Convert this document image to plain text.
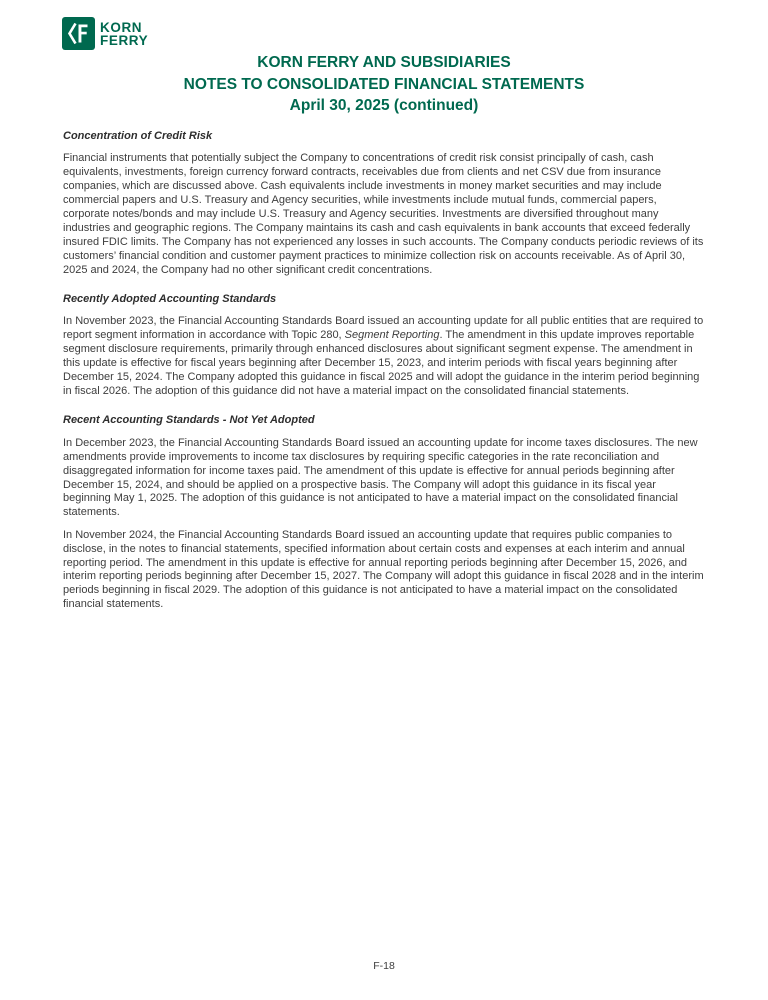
KORN
FERRY
KORN FERRY AND SUBSIDIARIES
NOTES TO CONSOLIDATED FINANCIAL STATEMENTS
April 30, 2025 (continued)
Concentration of Credit Risk

Financial instruments that potentially subject the Company to concentrations of credit risk consist principally of cash, cash equivalents, investments, foreign currency forward contracts, receivables due from clients and net CSV due from insurance companies, which are discussed above. Cash equivalents include investments in money market securities and may include commercial papers and U.S. Treasury and Agency securities, while investments include mutual funds, commercial papers, corporate notes/bonds and may include U.S. Treasury and Agency securities. Investments are diversified throughout many industries and geographic regions. The Company maintains its cash and cash equivalents in bank accounts that exceed federally insured FDIC limits. The Company has not experienced any losses in such accounts. The Company conducts periodic reviews of its customers’ financial condition and customer payment practices to minimize collection risk on accounts receivable. As of April 30, 2025 and 2024, the Company had no other significant credit concentrations.

Recently Adopted Accounting Standards

In November 2023, the Financial Accounting Standards Board issued an accounting update for all public entities that are required to report segment information in accordance with Topic 280, Segment Reporting. The amendment in this update improves reportable segment disclosure requirements, primarily through enhanced disclosures about significant segment expense. The amendment in this update is effective for fiscal years beginning after December 15, 2023, and interim periods with fiscal years beginning after December 15, 2024. The Company adopted this guidance in fiscal 2025 and will adopt the guidance in the interim period beginning in fiscal 2026. The adoption of this guidance did not have a material impact on the consolidated financial statements.

Recent Accounting Standards - Not Yet Adopted

In December 2023, the Financial Accounting Standards Board issued an accounting update for income taxes disclosures. The new amendments provide improvements to income tax disclosures by requiring specific categories in the rate reconciliation and disaggregated information for income taxes paid. The amendment of this update is effective for annual periods beginning after December 15, 2024, and should be applied on a prospective basis. The Company will adopt this guidance in its fiscal year beginning May 1, 2025. The adoption of this guidance is not anticipated to have a material impact on the consolidated financial statements.

In November 2024, the Financial Accounting Standards Board issued an accounting update that requires public companies to disclose, in the notes to financial statements, specified information about certain costs and expenses at each interim and annual reporting period. The amendment in this update is effective for annual reporting periods beginning after December 15, 2026, and interim reporting periods beginning after December 15, 2027. The Company will adopt this guidance in fiscal 2028 and in the interim periods beginning in fiscal 2029. The adoption of this guidance is not anticipated to have a material impact on the consolidated financial statements.

F-18
